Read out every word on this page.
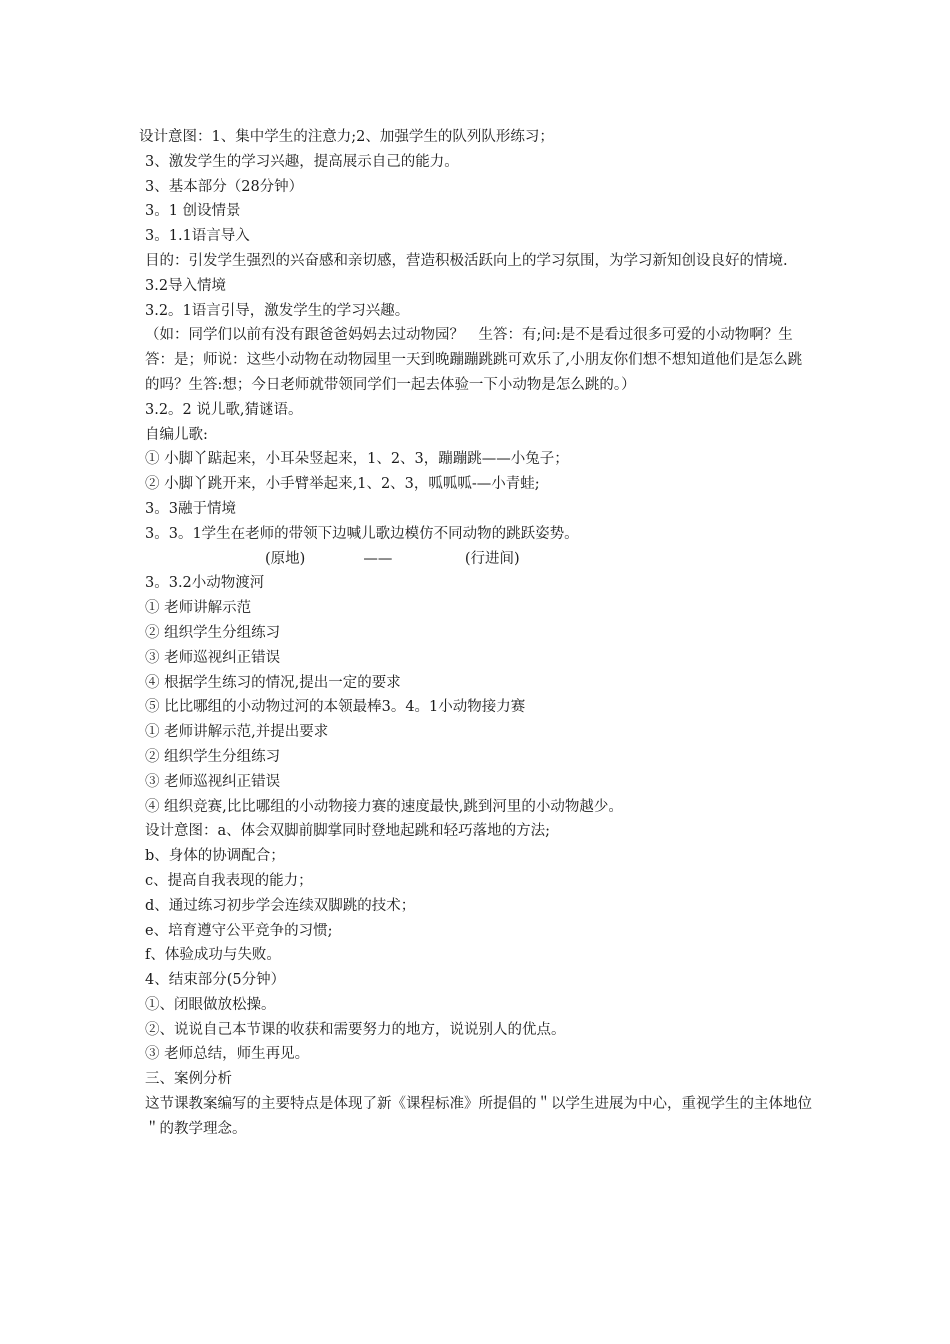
设计意图：1、集中学生的注意力;2、加强学生的队列队形练习；
3、激发学生的学习兴趣，提高展示自己的能力。
3、基本部分（28分钟）
3。1 创设情景
3。1.1语言导入
目的：引发学生强烈的兴奋感和亲切感，营造积极活跃向上的学习氛围，为学习新知创设良好的情境.
3.2导入情境
3.2。1语言引导，激发学生的学习兴趣。
（如：同学们以前有没有跟爸爸妈妈去过动物园？　生答：有;问:是不是看过很多可爱的小动物啊？生答：是；师说：这些小动物在动物园里一天到晚蹦蹦跳跳可欢乐了,小朋友你们想不想知道他们是怎么跳的吗？生答:想；今日老师就带领同学们一起去体验一下小动物是怎么跳的。）
3.2。2 说儿歌,猜谜语。
自编儿歌:
① 小脚丫踮起来，小耳朵竖起来，1、2、3，蹦蹦跳——小兔子；
② 小脚丫跳开来，小手臂举起来,1、2、3，呱呱呱-—小青蛙;
3。3融于情境
3。3。1学生在老师的带领下边喊儿歌边模仿不同动物的跳跃姿势。
(原地)　　　　——　　　　　(行进间)
3。3.2小动物渡河
① 老师讲解示范
② 组织学生分组练习
③ 老师巡视纠正错误
④ 根据学生练习的情况,提出一定的要求
⑤ 比比哪组的小动物过河的本领最棒3。4。1小动物接力赛
① 老师讲解示范,并提出要求
② 组织学生分组练习
③ 老师巡视纠正错误
④ 组织竞赛,比比哪组的小动物接力赛的速度最快,跳到河里的小动物越少。
设计意图：a、体会双脚前脚掌同时登地起跳和轻巧落地的方法;
b、身体的协调配合；
c、提高自我表现的能力；
d、通过练习初步学会连续双脚跳的技术；
e、培育遵守公平竞争的习惯;
f、体验成功与失败。
4、结束部分(5分钟）
①、闭眼做放松操。
②、说说自己本节课的收获和需要努力的地方，说说别人的优点。
③ 老师总结，师生再见。
三、案例分析
这节课教案编写的主要特点是体现了新《课程标准》所提倡的＂以学生进展为中心，重视学生的主体地位＂的教学理念。
